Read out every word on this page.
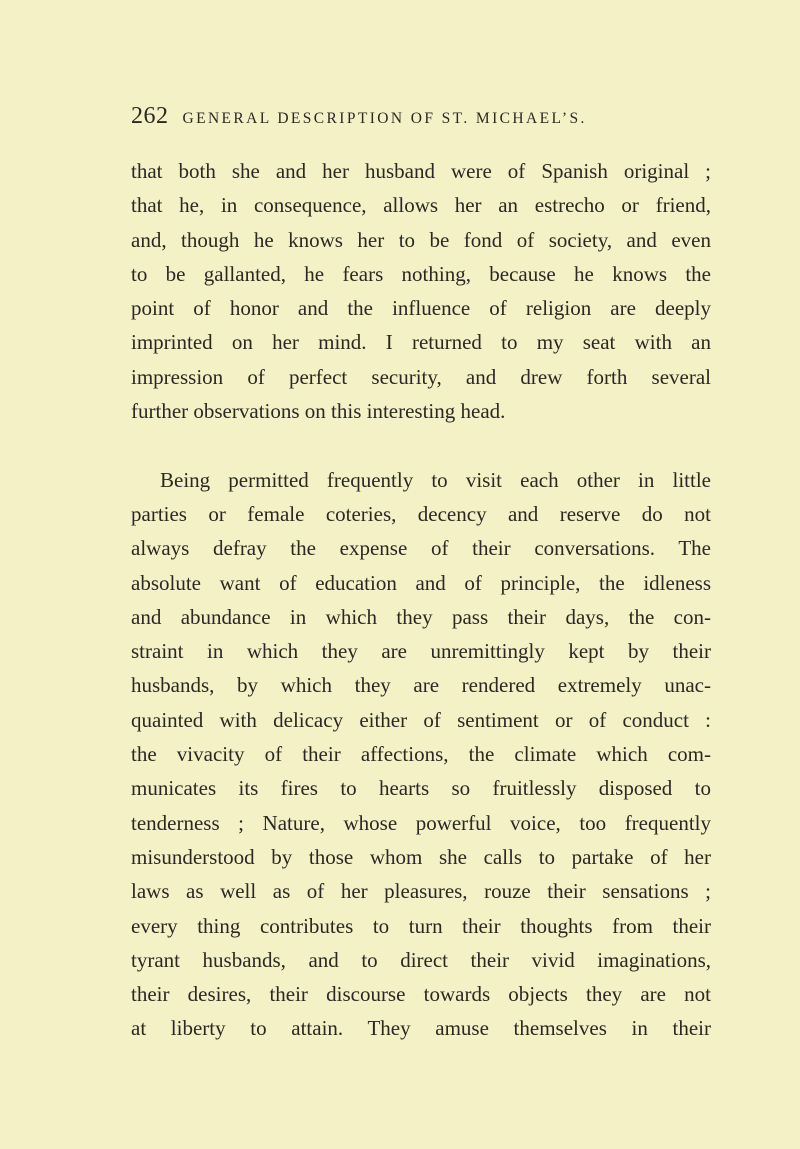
262 GENERAL DESCRIPTION OF ST. MICHAEL’S.
that both she and her husband were of Spanish original ;
that he, in consequence, allows her an estrecho or friend,
and, though he knows her to be fond of society, and even
to be gallanted, he fears nothing, because he knows the
point of honor and the influence of religion are deeply
imprinted on her mind. I returned to my seat with an
impression of perfect security, and drew forth several
further observations on this interesting head.
Being permitted frequently to visit each other in little
parties or female coteries, decency and reserve do not
always defray the expense of their conversations. The
absolute want of education and of principle, the idleness
and abundance in which they pass their days, the con-
straint in which they are unremittingly kept by their
husbands, by which they are rendered extremely unac-
quainted with delicacy either of sentiment or of conduct :
the vivacity of their affections, the climate which com-
municates its fires to hearts so fruitlessly disposed to
tenderness ; Nature, whose powerful voice, too frequently
misunderstood by those whom she calls to partake of her
laws as well as of her pleasures, rouze their sensations ;
every thing contributes to turn their thoughts from their
tyrant husbands, and to direct their vivid imaginations,
their desires, their discourse towards objects they are not
at liberty to attain. They amuse themselves in their
